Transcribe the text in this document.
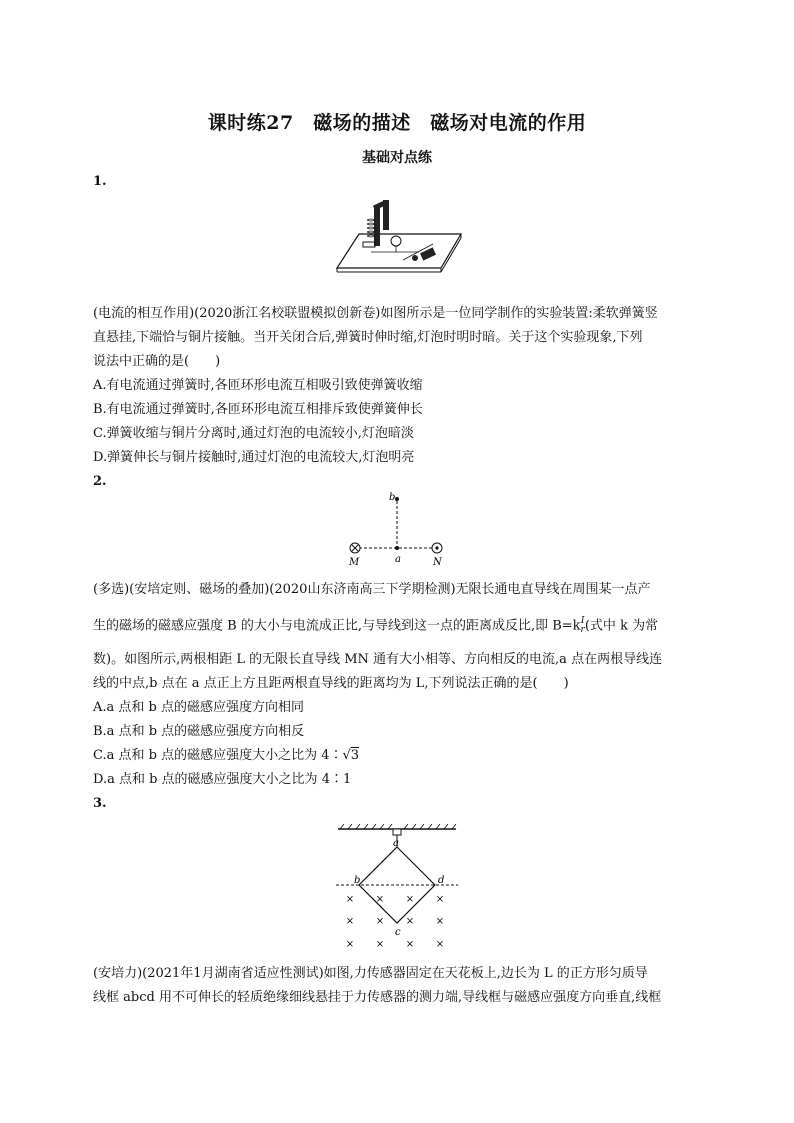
课时练27　磁场的描述　磁场对电流的作用
基础对点练
1.
(电流的相互作用)(2020浙江名校联盟模拟创新卷)如图所示是一位同学制作的实验装置:柔软弹簧竖
直悬挂,下端恰与铜片接触。当开关闭合后,弹簧时伸时缩,灯泡时明时暗。关于这个实验现象,下列
说法中正确的是(　　)
A.有电流通过弹簧时,各匝环形电流互相吸引致使弹簧收缩
B.有电流通过弹簧时,各匝环形电流互相排斥致使弹簧伸长
C.弹簧收缩与铜片分离时,通过灯泡的电流较小,灯泡暗淡
D.弹簧伸长与铜片接触时,通过灯泡的电流较大,灯泡明亮
2.
b
a
M	N
(多选)(安培定则、磁场的叠加)(2020山东济南高三下学期检测)无限长通电直导线在周围某一点产
生的磁场的磁感应强度 B 的大小与电流成正比,与导线到这一点的距离成反比,即 B=k I
r (式中 k 为常
数)。如图所示,两根相距 L 的无限长直导线 MN 通有大小相等、方向相反的电流,a 点在两根导线连
线的中点,b 点在 a 点正上方且距两根直导线的距离均为 L,下列说法正确的是(　　)
A.a 点和 b 点的磁感应强度方向相同
B.a 点和 b 点的磁感应强度方向相反
C.a 点和 b 点的磁感应强度大小之比为 4∶√3
D.a 点和 b 点的磁感应强度大小之比为 4∶1
3.
a
b	d
c
× × × ×
× × × ×
× × × ×
(安培力)(2021年1月湖南省适应性测试)如图,力传感器固定在天花板上,边长为 L 的正方形匀质导
线框 abcd 用不可伸长的轻质绝缘细线悬挂于力传感器的测力端,导线框与磁感应强度方向垂直,线框
